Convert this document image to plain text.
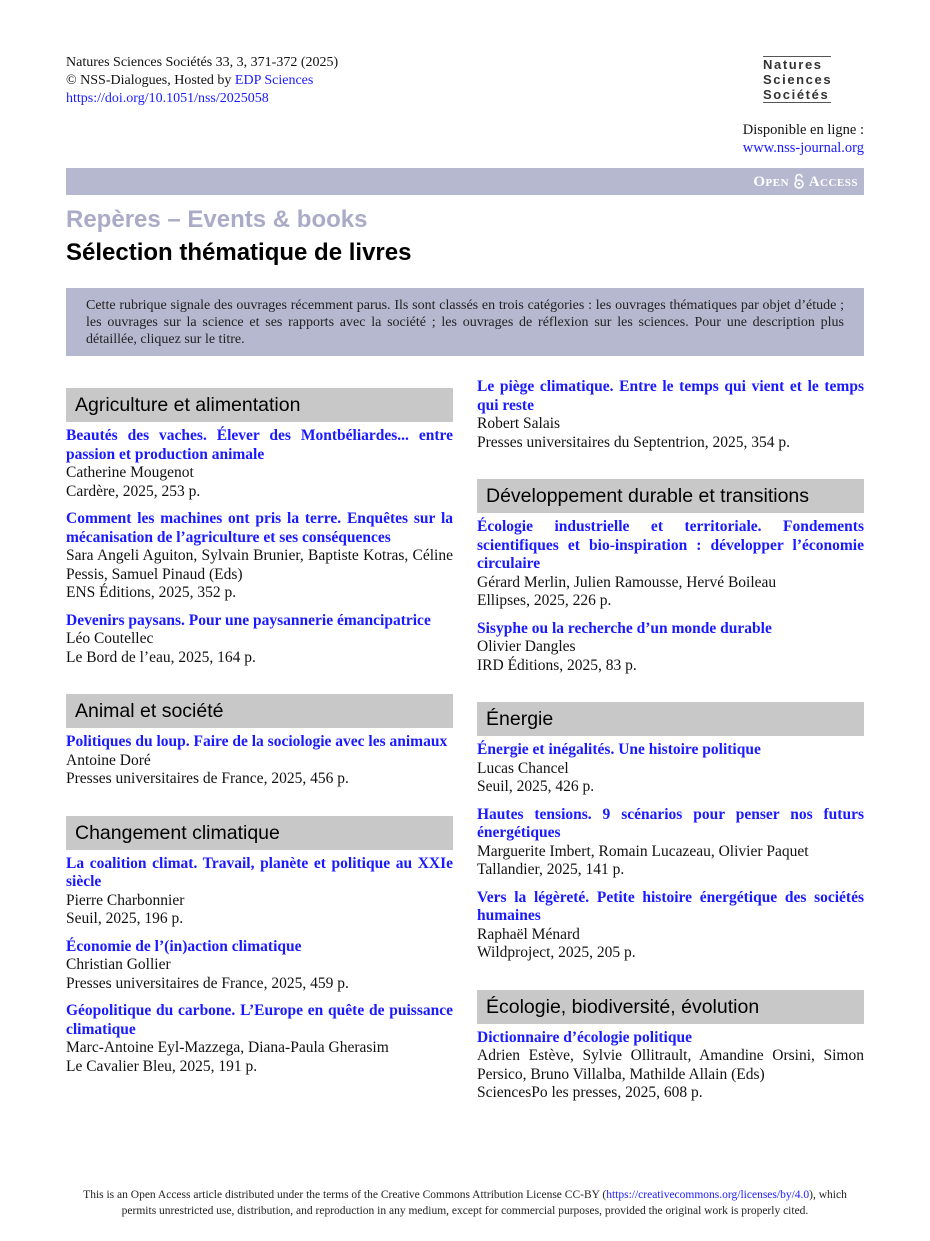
Natures Sciences Sociétés 33, 3, 371-372 (2025)
© NSS-Dialogues, Hosted by EDP Sciences
https://doi.org/10.1051/nss/2025058
Natures
Sciences
Sociétés
Disponible en ligne :
www.nss-journal.org
Open Access
Repères – Events & books
Sélection thématique de livres
Cette rubrique signale des ouvrages récemment parus. Ils sont classés en trois catégories : les ouvrages thématiques par objet d’étude ; les ouvrages sur la science et ses rapports avec la société ; les ouvrages de réflexion sur les sciences. Pour une description plus détaillée, cliquez sur le titre.
Agriculture et alimentation
Beautés des vaches. Élever des Montbéliardes... entre passion et production animale
Catherine Mougenot
Cardère, 2025, 253 p.
Comment les machines ont pris la terre. Enquêtes sur la mécanisation de l’agriculture et ses conséquences
Sara Angeli Aguiton, Sylvain Brunier, Baptiste Kotras, Céline Pessis, Samuel Pinaud (Eds)
ENS Éditions, 2025, 352 p.
Devenirs paysans. Pour une paysannerie émancipatrice
Léo Coutellec
Le Bord de l’eau, 2025, 164 p.
Animal et société
Politiques du loup. Faire de la sociologie avec les animaux
Antoine Doré
Presses universitaires de France, 2025, 456 p.
Changement climatique
La coalition climat. Travail, planète et politique au XXIe siècle
Pierre Charbonnier
Seuil, 2025, 196 p.
Économie de l’(in)action climatique
Christian Gollier
Presses universitaires de France, 2025, 459 p.
Géopolitique du carbone. L’Europe en quête de puissance climatique
Marc-Antoine Eyl-Mazzega, Diana-Paula Gherasim
Le Cavalier Bleu, 2025, 191 p.
Le piège climatique. Entre le temps qui vient et le temps qui reste
Robert Salais
Presses universitaires du Septentrion, 2025, 354 p.
Développement durable et transitions
Écologie industrielle et territoriale. Fondements scientifiques et bio-inspiration : développer l’économie circulaire
Gérard Merlin, Julien Ramousse, Hervé Boileau
Ellipses, 2025, 226 p.
Sisyphe ou la recherche d’un monde durable
Olivier Dangles
IRD Éditions, 2025, 83 p.
Énergie
Énergie et inégalités. Une histoire politique
Lucas Chancel
Seuil, 2025, 426 p.
Hautes tensions. 9 scénarios pour penser nos futurs énergétiques
Marguerite Imbert, Romain Lucazeau, Olivier Paquet
Tallandier, 2025, 141 p.
Vers la légèreté. Petite histoire énergétique des sociétés humaines
Raphaël Ménard
Wildproject, 2025, 205 p.
Écologie, biodiversité, évolution
Dictionnaire d’écologie politique
Adrien Estève, Sylvie Ollitrault, Amandine Orsini, Simon Persico, Bruno Villalba, Mathilde Allain (Eds)
SciencesPo les presses, 2025, 608 p.
This is an Open Access article distributed under the terms of the Creative Commons Attribution License CC-BY (https://creativecommons.org/licenses/by/4.0), which permits unrestricted use, distribution, and reproduction in any medium, except for commercial purposes, provided the original work is properly cited.
